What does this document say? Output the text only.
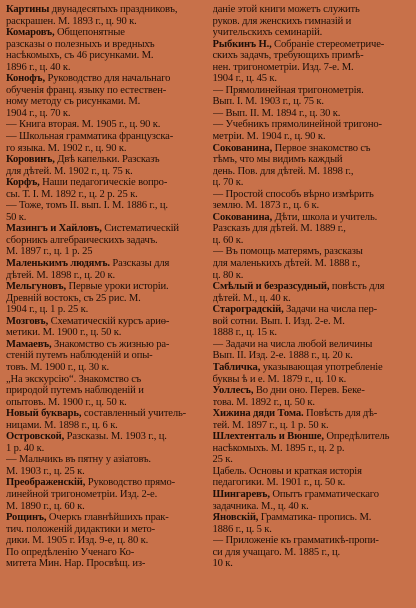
Картины двунадесятыхъ праздниковъ,
раскрашен. М. 1893 г., ц. 90 к.
Комаровъ, Общепонятные
разсказы о полезныхъ и вредныхъ
насѣкомыхъ, съ 46 рисунками. М.
1896 г., ц. 40 к.
Конофъ, Руководство для начальнаго
обученія франц. языку по естествен-
ному методу съ рисунками. М.
1904 г., ц. 70 к.
— Книга вторая. М. 1905 г., ц. 90 к.
— Школьная грамматика французска-
го языка. М. 1902 г., ц. 90 к.
Коровинъ, Двѣ капельки. Разсказъ
для дѣтей. М. 1902 г., ц. 75 к.
Корфъ, Наши педагогическіе вопро-
сы. Т. I. М. 1892 г., ц. 2 р. 25 к.
— Тоже, томъ II. вып. I. М. 1886 г., ц.
50 к.
Мазингъ и Хайловъ, Систематическій
сборникъ алгебраическихъ задачъ.
М. 1897 г., ц. 1 р. 25
Маленькимъ людямъ. Разсказы для
дѣтей. М. 1898 г., ц. 20 к.
Мельгуновъ, Первые уроки исторіи.
Древній востокъ, съ 25 рис. М.
1904 г., ц. 1 р. 25 к.
Мозговъ, Схематическій курсъ ариө-
метики. М. 1900 г., ц. 50 к.
Мамаевъ, Знакомство съ жизнью ра-
стеній путемъ наблюденій и опы-
товъ. М. 1900 г., ц. 30 к.
„На экскурсію“. Знакомство съ
природой путемъ наблюденій и
опытовъ. М. 1900 г., ц. 50 к.
Новый букварь, составленный учитель-
ницами. М. 1898 г., ц. 6 к.
Островской, Разсказы. М. 1903 г., ц.
1 р. 40 к.
— Мальчикъ въ пятну у азіатовъ.
М. 1903 г., ц. 25 к.
Преображенскій, Руководство прямо-
линейной тригонометріи. Изд. 2-е.
М. 1890 г., ц. 60 к.
Рощинъ, Очеркъ главнѣйшихъ прак-
тич. положеній дидактики и мето-
дики. М. 1905 г. Изд. 9-е, ц. 80 к.
По опредѣленію Ученаго Ко-
митета Мин. Нар. Просвѣщ. из-
даніе этой книги можетъ служить
руков. для женскихъ гимназій и
учительскихъ семинарій.
Рыбкинъ Н., Собраніе стереометриче-
скихъ задачъ, требующихъ примѣ-
нен. тригонометріи. Изд. 7-е. М.
1904 г., ц. 45 к.
— Прямолинейная тригонометрія.
Вып. I. М. 1903 г., ц. 75 к.
— Вып. II. М. 1894 г., ц. 30 к.
— Учебникъ прямолинейной тригоно-
метріи. М. 1904 г., ц. 90 к.
Сокованина, Первое знакомство съ
тѣмъ, что мы видимъ каждый
день. Пов. для дѣтей. М. 1898 г.,
ц. 70 к.
— Простой способъ вѣрно измѣрить
землю. М. 1873 г., ц. 6 к.
Сокованина, Дѣти, школа и учитель.
Разсказъ для дѣтей. М. 1889 г.,
ц. 60 к.
— Въ помощь матерямъ, разсказы
для маленькихъ дѣтей. М. 1888 г.,
ц. 80 к.
Смѣлый и безразсудный, повѣсть для
дѣтей. М., ц. 40 к.
Староградскій, Задачи на числа пер-
вой сотни. Вып. I. Изд. 2-е. М.
1888 г., ц. 15 к.
— Задачи на числа любой величины
Вып. II. Изд. 2-е. 1888 г., ц. 20 к.
Табличка, указывающая употребленіе
буквы ѣ и е. М. 1879 г., ц. 10 к.
Уоллесъ, Во дни оно. Перев. Беке-
това. М. 1892 г., ц. 50 к.
Хижина дяди Тома. Повѣсть для дѣ-
тей. М. 1897 г., ц. 1 р. 50 к.
Шлехтенталь и Вюнше, Опредѣлитель
насѣкомыхъ. М. 1895 г., ц. 2 р.
25 к.
Цабель. Основы и краткая исторія
педагогики. М. 1901 г., ц. 50 к.
Шингаревъ, Опытъ грамматическаго
задачника. М., ц. 40 к.
Яновскій, Грамматика- пропись. М.
1886 г., ц. 5 к.
— Приложеніе къ грамматикѣ-пропи-
си для учащаго. М. 1885 г., ц.
10 к.
